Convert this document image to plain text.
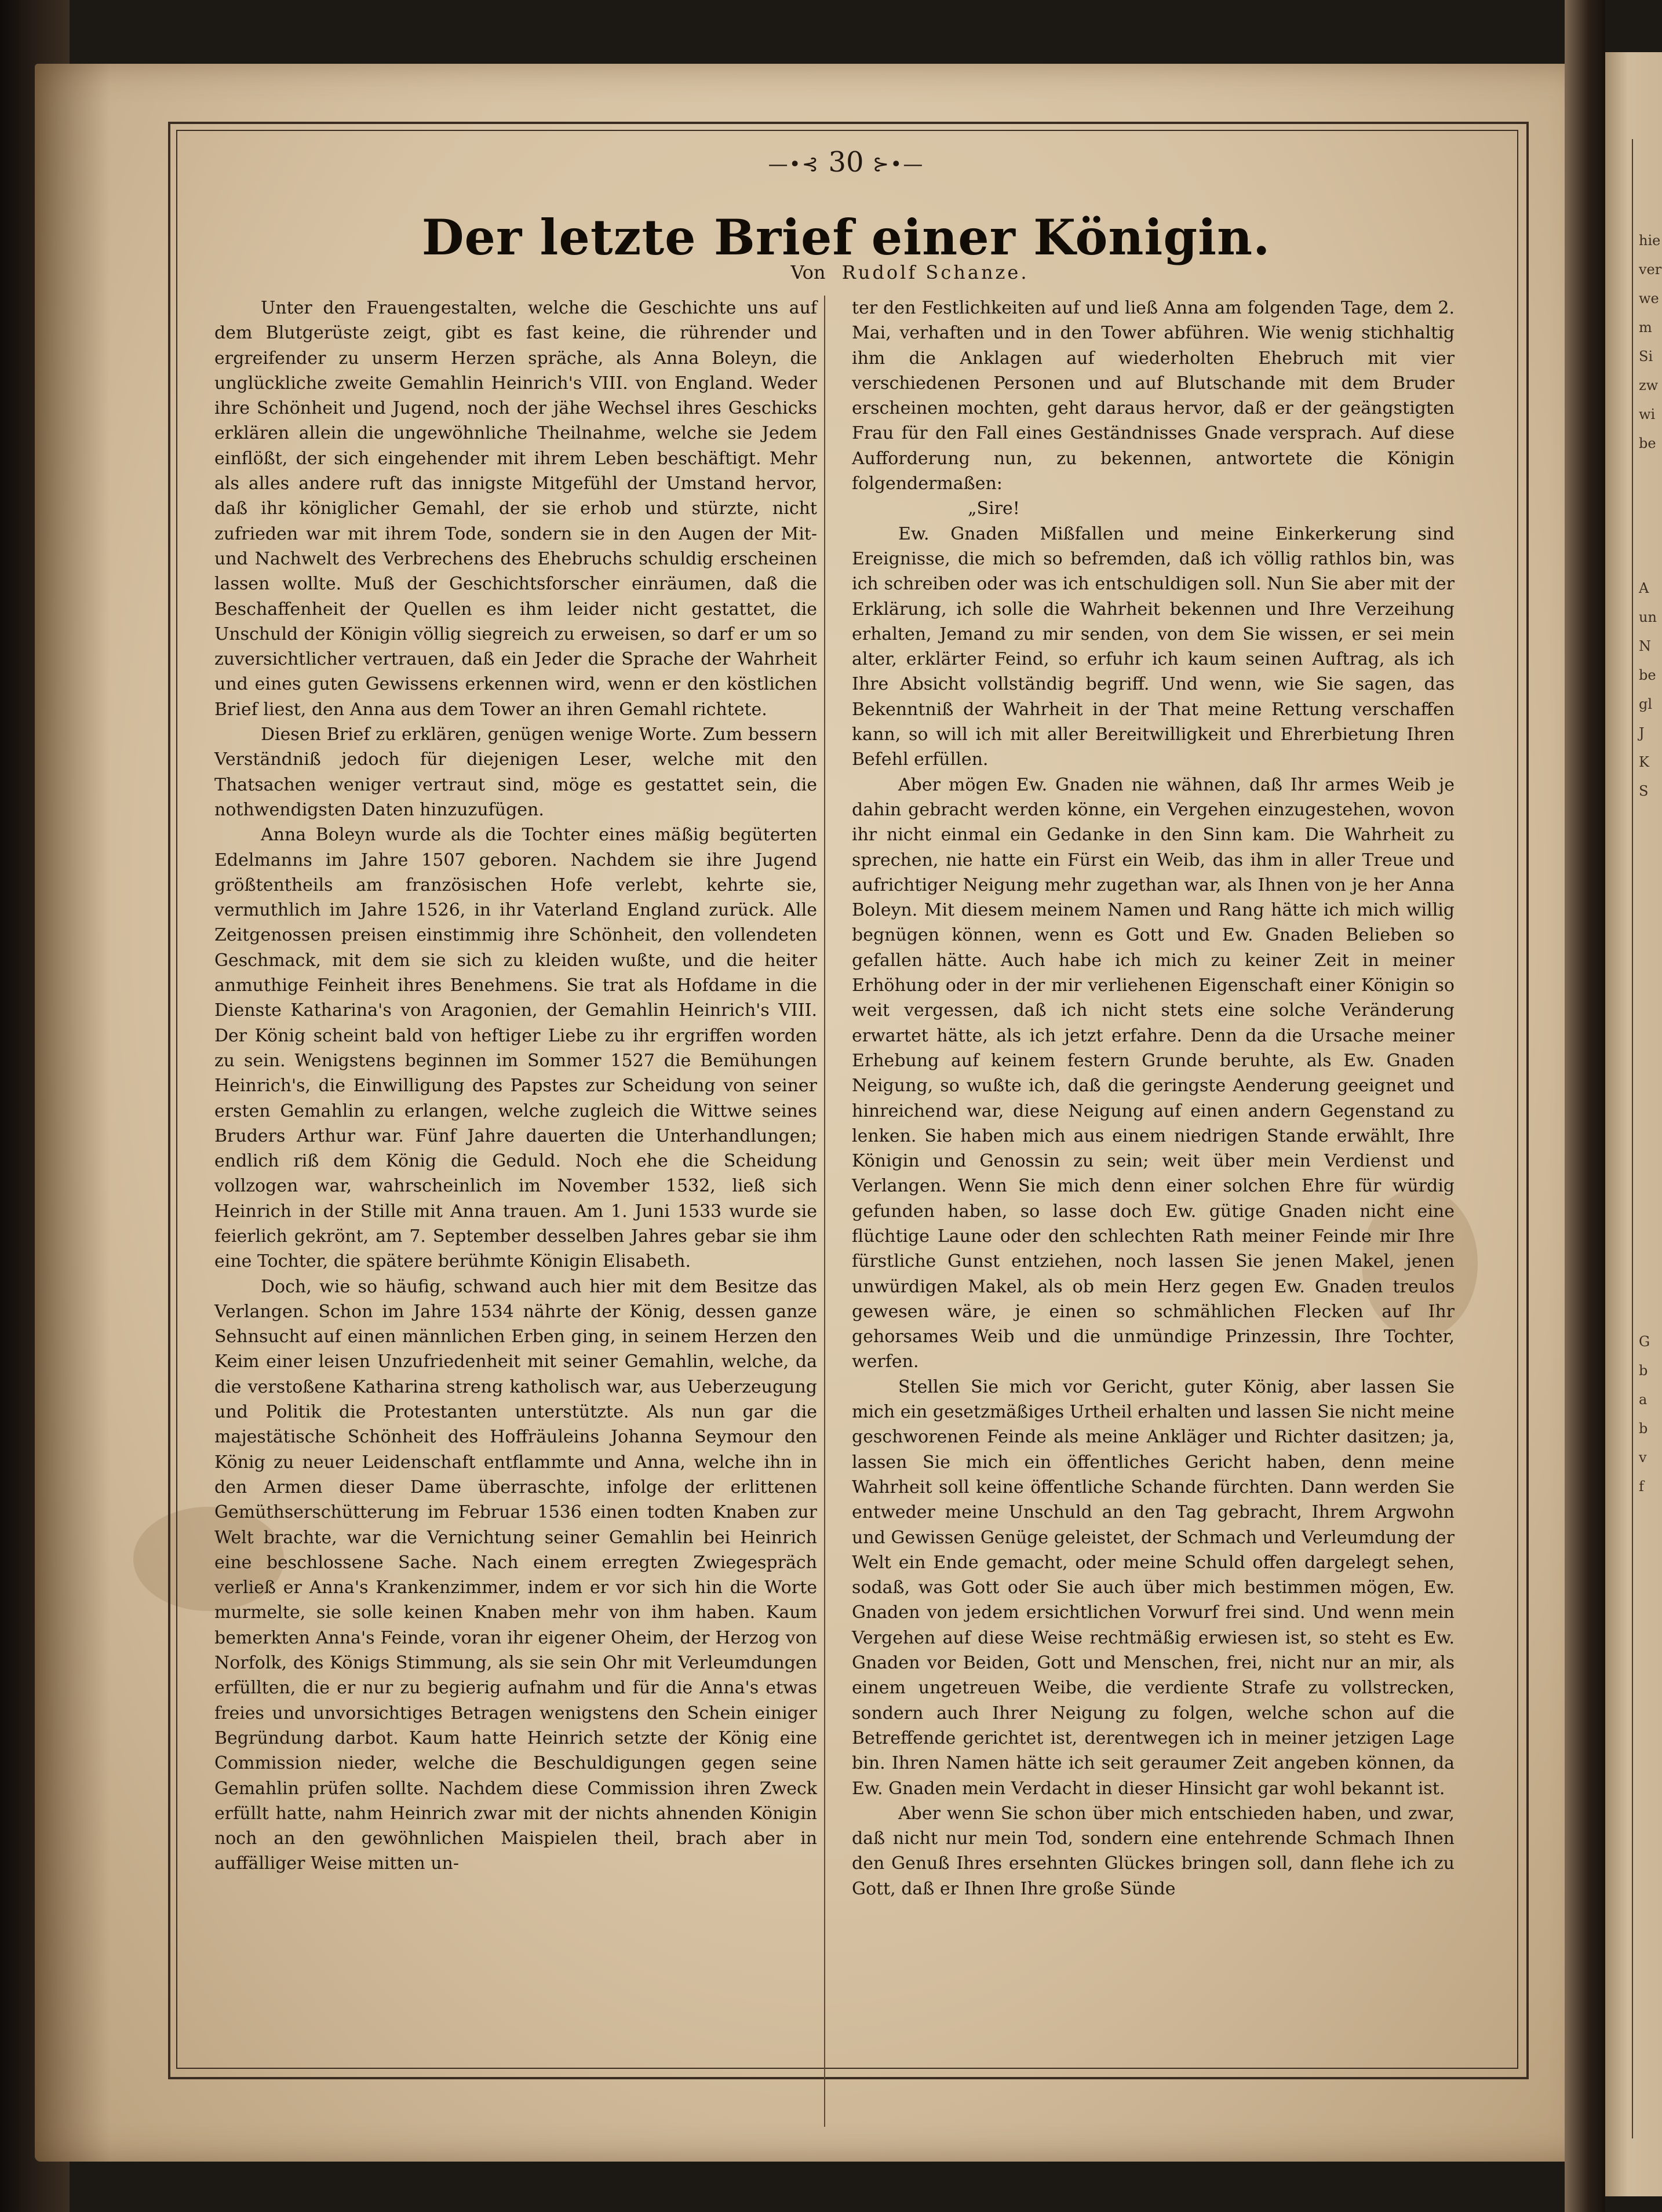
hie
ver
we
m
Si
zw
wi
be
A
un
N
be
gl
J
K
S
G
b
a
b
v
f
—•⊰ 30 ⊱•—
Der letzte Brief einer Königin.
Von Rudolf Schanze.

Unter den Frauengestalten, welche die Geschichte uns auf dem Blutgerüste zeigt, gibt es fast keine, die rührender und ergreifender zu unserm Herzen spräche, als Anna Boleyn, die unglückliche zweite Gemahlin Heinrich's VIII. von England. Weder ihre Schönheit und Jugend, noch der jähe Wechsel ihres Geschicks erklären allein die ungewöhnliche Theilnahme, welche sie Jedem einflößt, der sich eingehender mit ihrem Leben beschäftigt. Mehr als alles andere ruft das innigste Mitgefühl der Umstand hervor, daß ihr königlicher Gemahl, der sie erhob und stürzte, nicht zufrieden war mit ihrem Tode, sondern sie in den Augen der Mit- und Nachwelt des Verbrechens des Ehebruchs schuldig erscheinen lassen wollte. Muß der Geschichtsforscher einräumen, daß die Beschaffenheit der Quellen es ihm leider nicht gestattet, die Unschuld der Königin völlig siegreich zu erweisen, so darf er um so zuversichtlicher vertrauen, daß ein Jeder die Sprache der Wahrheit und eines guten Gewissens erkennen wird, wenn er den köstlichen Brief liest, den Anna aus dem Tower an ihren Gemahl richtete.

Diesen Brief zu erklären, genügen wenige Worte. Zum bessern Verständniß jedoch für diejenigen Leser, welche mit den Thatsachen weniger vertraut sind, möge es gestattet sein, die nothwendigsten Daten hinzuzufügen.

Anna Boleyn wurde als die Tochter eines mäßig begüterten Edelmanns im Jahre 1507 geboren. Nachdem sie ihre Jugend größtentheils am französischen Hofe verlebt, kehrte sie, vermuthlich im Jahre 1526, in ihr Vaterland England zurück. Alle Zeitgenossen preisen einstimmig ihre Schönheit, den vollendeten Geschmack, mit dem sie sich zu kleiden wußte, und die heiter anmuthige Feinheit ihres Benehmens. Sie trat als Hofdame in die Dienste Katharina's von Aragonien, der Gemahlin Heinrich's VIII. Der König scheint bald von heftiger Liebe zu ihr ergriffen worden zu sein. Wenigstens beginnen im Sommer 1527 die Bemühungen Heinrich's, die Einwilligung des Papstes zur Scheidung von seiner ersten Gemahlin zu erlangen, welche zugleich die Wittwe seines Bruders Arthur war. Fünf Jahre dauerten die Unterhandlungen; endlich riß dem König die Geduld. Noch ehe die Scheidung vollzogen war, wahrscheinlich im November 1532, ließ sich Heinrich in der Stille mit Anna trauen. Am 1. Juni 1533 wurde sie feierlich gekrönt, am 7. September desselben Jahres gebar sie ihm eine Tochter, die spätere berühmte Königin Elisabeth.

Doch, wie so häufig, schwand auch hier mit dem Besitze das Verlangen. Schon im Jahre 1534 nährte der König, dessen ganze Sehnsucht auf einen männlichen Erben ging, in seinem Herzen den Keim einer leisen Unzufriedenheit mit seiner Gemahlin, welche, da die verstoßene Katharina streng katholisch war, aus Ueberzeugung und Politik die Protestanten unterstützte. Als nun gar die majestätische Schönheit des Hoffräuleins Johanna Seymour den König zu neuer Leidenschaft entflammte und Anna, welche ihn in den Armen dieser Dame überraschte, infolge der erlittenen Gemüthserschütterung im Februar 1536 einen todten Knaben zur Welt brachte, war die Vernichtung seiner Gemahlin bei Heinrich eine beschlossene Sache. Nach einem erregten Zwiegespräch verließ er Anna's Krankenzimmer, indem er vor sich hin die Worte murmelte, sie solle keinen Knaben mehr von ihm haben. Kaum bemerkten Anna's Feinde, voran ihr eigener Oheim, der Herzog von Norfolk, des Königs Stimmung, als sie sein Ohr mit Verleumdungen erfüllten, die er nur zu begierig aufnahm und für die Anna's etwas freies und unvorsichtiges Betragen wenigstens den Schein einiger Begründung darbot. Kaum hatte Heinrich setzte der König eine Commission nieder, welche die Beschuldigungen gegen seine Gemahlin prüfen sollte. Nachdem diese Commission ihren Zweck erfüllt hatte, nahm Heinrich zwar mit der nichts ahnenden Königin noch an den gewöhnlichen Maispielen theil, brach aber in auffälliger Weise mitten un-

ter den Festlichkeiten auf und ließ Anna am folgenden Tage, dem 2. Mai, verhaften und in den Tower abführen. Wie wenig stichhaltig ihm die Anklagen auf wiederholten Ehebruch mit vier verschiedenen Personen und auf Blutschande mit dem Bruder erscheinen mochten, geht daraus hervor, daß er der geängstigten Frau für den Fall eines Geständnisses Gnade versprach. Auf diese Aufforderung nun, zu bekennen, antwortete die Königin folgendermaßen:

„Sire!

Ew. Gnaden Mißfallen und meine Einkerkerung sind Ereignisse, die mich so befremden, daß ich völlig rathlos bin, was ich schreiben oder was ich entschuldigen soll. Nun Sie aber mit der Erklärung, ich solle die Wahrheit bekennen und Ihre Verzeihung erhalten, Jemand zu mir senden, von dem Sie wissen, er sei mein alter, erklärter Feind, so erfuhr ich kaum seinen Auftrag, als ich Ihre Absicht vollständig begriff. Und wenn, wie Sie sagen, das Bekenntniß der Wahrheit in der That meine Rettung verschaffen kann, so will ich mit aller Bereitwilligkeit und Ehrerbietung Ihren Befehl erfüllen.

Aber mögen Ew. Gnaden nie wähnen, daß Ihr armes Weib je dahin gebracht werden könne, ein Vergehen einzugestehen, wovon ihr nicht einmal ein Gedanke in den Sinn kam. Die Wahrheit zu sprechen, nie hatte ein Fürst ein Weib, das ihm in aller Treue und aufrichtiger Neigung mehr zugethan war, als Ihnen von je her Anna Boleyn. Mit diesem meinem Namen und Rang hätte ich mich willig begnügen können, wenn es Gott und Ew. Gnaden Belieben so gefallen hätte. Auch habe ich mich zu keiner Zeit in meiner Erhöhung oder in der mir verliehenen Eigenschaft einer Königin so weit vergessen, daß ich nicht stets eine solche Veränderung erwartet hätte, als ich jetzt erfahre. Denn da die Ursache meiner Erhebung auf keinem festern Grunde beruhte, als Ew. Gnaden Neigung, so wußte ich, daß die geringste Aenderung geeignet und hinreichend war, diese Neigung auf einen andern Gegenstand zu lenken. Sie haben mich aus einem niedrigen Stande erwählt, Ihre Königin und Genossin zu sein; weit über mein Verdienst und Verlangen. Wenn Sie mich denn einer solchen Ehre für würdig gefunden haben, so lasse doch Ew. gütige Gnaden nicht eine flüchtige Laune oder den schlechten Rath meiner Feinde mir Ihre fürstliche Gunst entziehen, noch lassen Sie jenen Makel, jenen unwürdigen Makel, als ob mein Herz gegen Ew. Gnaden treulos gewesen wäre, je einen so schmählichen Flecken auf Ihr gehorsames Weib und die unmündige Prinzessin, Ihre Tochter, werfen.

Stellen Sie mich vor Gericht, guter König, aber lassen Sie mich ein gesetzmäßiges Urtheil erhalten und lassen Sie nicht meine geschworenen Feinde als meine Ankläger und Richter dasitzen; ja, lassen Sie mich ein öffentliches Gericht haben, denn meine Wahrheit soll keine öffentliche Schande fürchten. Dann werden Sie entweder meine Unschuld an den Tag gebracht, Ihrem Argwohn und Gewissen Genüge geleistet, der Schmach und Verleumdung der Welt ein Ende gemacht, oder meine Schuld offen dargelegt sehen, sodaß, was Gott oder Sie auch über mich bestimmen mögen, Ew. Gnaden von jedem ersichtlichen Vorwurf frei sind. Und wenn mein Vergehen auf diese Weise rechtmäßig erwiesen ist, so steht es Ew. Gnaden vor Beiden, Gott und Menschen, frei, nicht nur an mir, als einem ungetreuen Weibe, die verdiente Strafe zu vollstrecken, sondern auch Ihrer Neigung zu folgen, welche schon auf die Betreffende gerichtet ist, derentwegen ich in meiner jetzigen Lage bin. Ihren Namen hätte ich seit geraumer Zeit angeben können, da Ew. Gnaden mein Verdacht in dieser Hinsicht gar wohl bekannt ist.

Aber wenn Sie schon über mich entschieden haben, und zwar, daß nicht nur mein Tod, sondern eine entehrende Schmach Ihnen den Genuß Ihres ersehnten Glückes bringen soll, dann flehe ich zu Gott, daß er Ihnen Ihre große Sünde
